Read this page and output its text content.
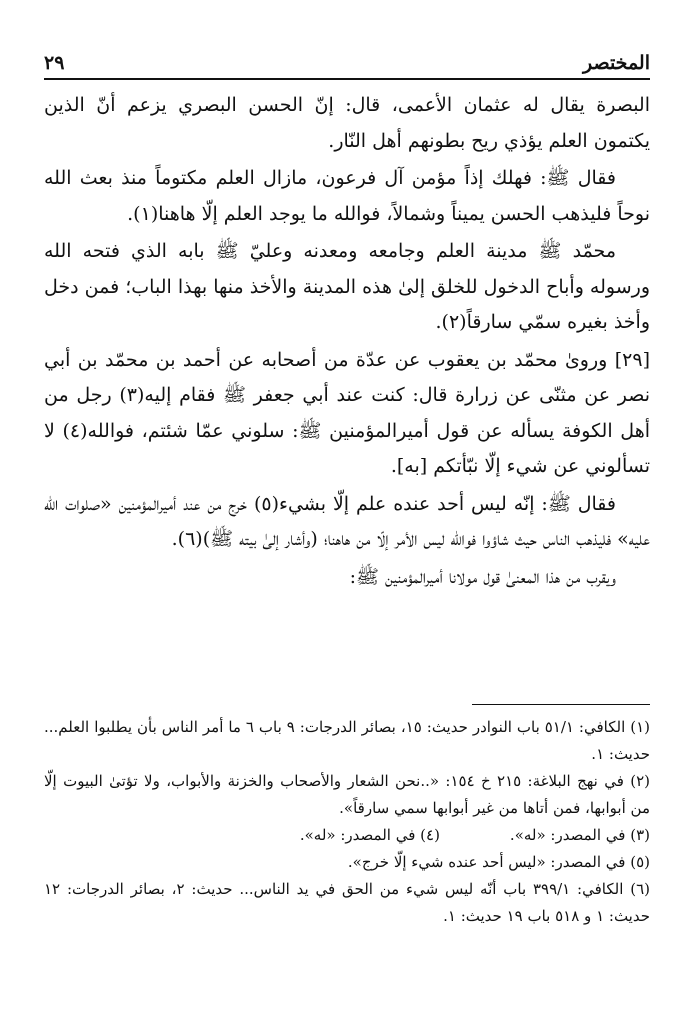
المختصر
٢٩

البصرة يقال له عثمان الأعمى، قال: إنّ الحسن البصري يزعم أنّ الذين يكتمون العلم يؤذي ريح بطونهم أهل النّار.

فقال ﷺ: فهلك إذاً مؤمن آل فرعون، مازال العلم مكتوماً منذ بعث الله نوحاً فليذهب الحسن يميناً وشمالاً، فوالله ما يوجد العلم إلّا هاهنا(١).

محمّد ﷺ مدينة العلم وجامعه ومعدنه وعليّ ﷺ بابه الذي فتحه الله ورسوله وأباح الدخول للخلق إلىٰ هذه المدينة والأخذ منها بهذا الباب؛ فمن دخل وأخذ بغيره سمّي سارقاً(٢).

[٢٩] وروىٰ محمّد بن يعقوب عن عدّة من أصحابه عن أحمد بن محمّد بن أبي نصر عن مثنّى عن زرارة قال: كنت عند أبي جعفر ﷺ فقام إليه(٣) رجل من أهل الكوفة يسأله عن قول أميرالمؤمنين ﷺ: سلوني عمّا شئتم، فوالله(٤) لا تسألوني عن شيء إلّا نبّأتكم [به].

فقال ﷺ: إنّه ليس أحد عنده علم إلّا بشيء(٥) خرج من عند أميرالمؤمنين «صلوات الله عليه» فليذهب الناس حيث شاؤوا فوالله ليس الأمر إلّا من هاهنا؛ (وأشار إلىٰ بيته ﷺ)(٦).

ويقرب من هذا المعنىٰ قول مولانا أميرالمؤمنين ﷺ:

(١) الكافي: ٥١/١ باب النوادر حديث: ١٥، بصائر الدرجات: ٩ باب ٦ ما أمر الناس بأن يطلبوا العلم... حديث: ١.

(٢) في نهج البلاغة: ٢١٥ خ ١٥٤: «..نحن الشعار والأصحاب والخزنة والأبواب، ولا تؤتىٰ البيوت إلّا من أبوابها، فمن أتاها من غير أبوابها سمي سارقاً».

(٣) في المصدر: «له».
(٤) في المصدر: «له».

(٥) في المصدر: «ليس أحد عنده شيء إلّا خرج».

(٦) الكافي: ٣٩٩/١ باب أنّه ليس شيء من الحق في يد الناس... حديث: ٢، بصائر الدرجات: ١٢ حديث: ١ و ٥١٨ باب ١٩ حديث: ١.
